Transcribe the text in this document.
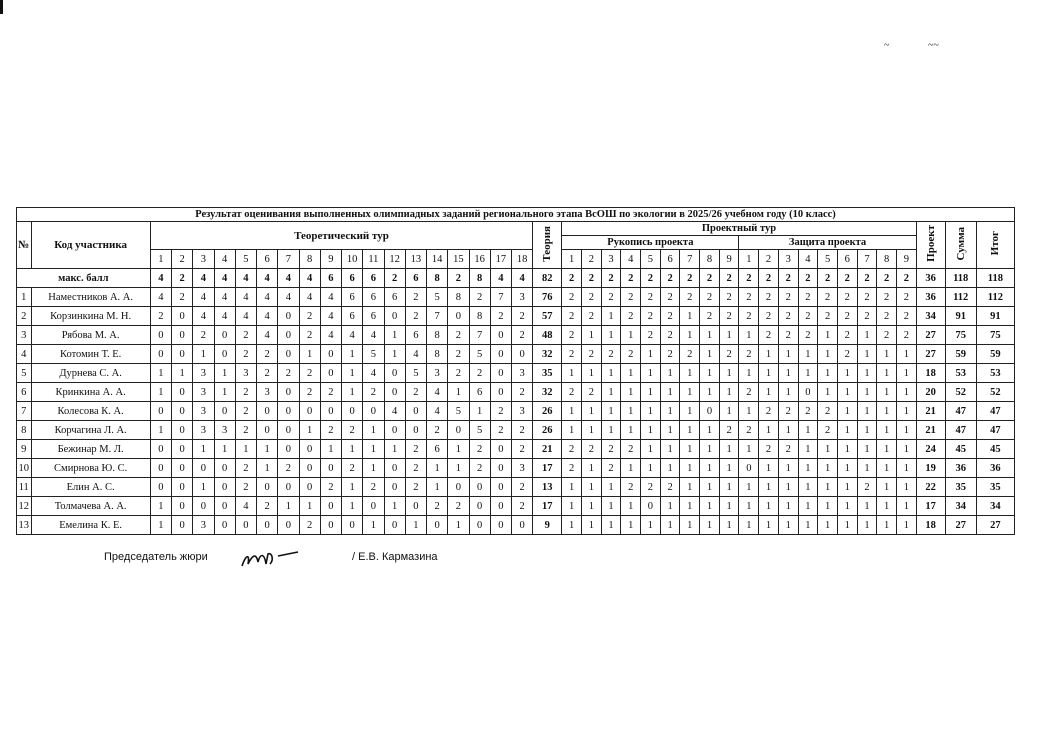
~	~~
Результат оценивания выполненных олимпиадных заданий регионального этапа ВсОШ по экологии в 2025/26 учебном году (10 класс)																																									
№	Код участника	Теоретический тур																		Теория	Проектный тур																		Проект	Сумма	Итог
																					Рукопись проекта									Защита проекта											
		1	2	3	4	5	6	7	8	9	10	11	12	13	14	15	16	17	18		1	2	3	4	5	6	7	8	9	1	2	3	4	5	6	7	8	9			
макс. балл		4	2	4	4	4	4	4	4	6	6	6	2	6	8	2	8	4	4	82	2	2	2	2	2	2	2	2	2	2	2	2	2	2	2	2	2	2	36	118	118
1	Наместников А. А.	4	2	4	4	4	4	4	4	4	6	6	6	2	5	8	2	7	3	76	2	2	2	2	2	2	2	2	2	2	2	2	2	2	2	2	2	2	36	112	112
2	Корзинкина М. Н.	2	0	4	4	4	4	0	2	4	6	6	0	2	7	0	8	2	2	57	2	2	1	2	2	2	1	2	2	2	2	2	2	2	2	2	2	2	34	91	91
3	Рябова М. А.	0	0	2	0	2	4	0	2	4	4	4	1	6	8	2	7	0	2	48	2	1	1	1	2	2	1	1	1	1	2	2	2	1	2	1	2	2	27	75	75
4	Котомин Т. Е.	0	0	1	0	2	2	0	1	0	1	5	1	4	8	2	5	0	0	32	2	2	2	2	1	2	2	1	2	2	1	1	1	1	2	1	1	1	27	59	59
5	Дурнева С. А.	1	1	3	1	3	2	2	2	0	1	4	0	5	3	2	2	0	3	35	1	1	1	1	1	1	1	1	1	1	1	1	1	1	1	1	1	1	18	53	53
6	Кринкина А. А.	1	0	3	1	2	3	0	2	2	1	2	0	2	4	1	6	0	2	32	2	2	1	1	1	1	1	1	1	2	1	1	0	1	1	1	1	1	20	52	52
7	Колесова К. А.	0	0	3	0	2	0	0	0	0	0	0	4	0	4	5	1	2	3	26	1	1	1	1	1	1	1	0	1	1	2	2	2	2	1	1	1	1	21	47	47
8	Корчагина Л. А.	1	0	3	3	2	0	0	1	2	2	1	0	0	2	0	5	2	2	26	1	1	1	1	1	1	1	1	2	2	1	1	1	2	1	1	1	1	21	47	47
9	Бежинар М. Л.	0	0	1	1	1	1	0	0	1	1	1	1	2	6	1	2	0	2	21	2	2	2	2	1	1	1	1	1	1	2	2	1	1	1	1	1	1	24	45	45
10	Смирнова Ю. С.	0	0	0	0	2	1	2	0	0	2	1	0	2	1	1	2	0	3	17	2	1	2	1	1	1	1	1	1	0	1	1	1	1	1	1	1	1	19	36	36
11	Елин А. С.	0	0	1	0	2	0	0	0	2	1	2	0	2	1	0	0	0	2	13	1	1	1	2	2	2	1	1	1	1	1	1	1	1	1	2	1	1	22	35	35
12	Толмачева А. А.	1	0	0	0	4	2	1	1	0	1	0	1	0	2	2	0	0	2	17	1	1	1	1	0	1	1	1	1	1	1	1	1	1	1	1	1	1	17	34	34
13	Емелина К. Е.	1	0	3	0	0	0	0	2	0	0	1	0	1	0	1	0	0	0	9	1	1	1	1	1	1	1	1	1	1	1	1	1	1	1	1	1	1	18	27	27
Председатель жюри	/ Е.В. Кармазина
